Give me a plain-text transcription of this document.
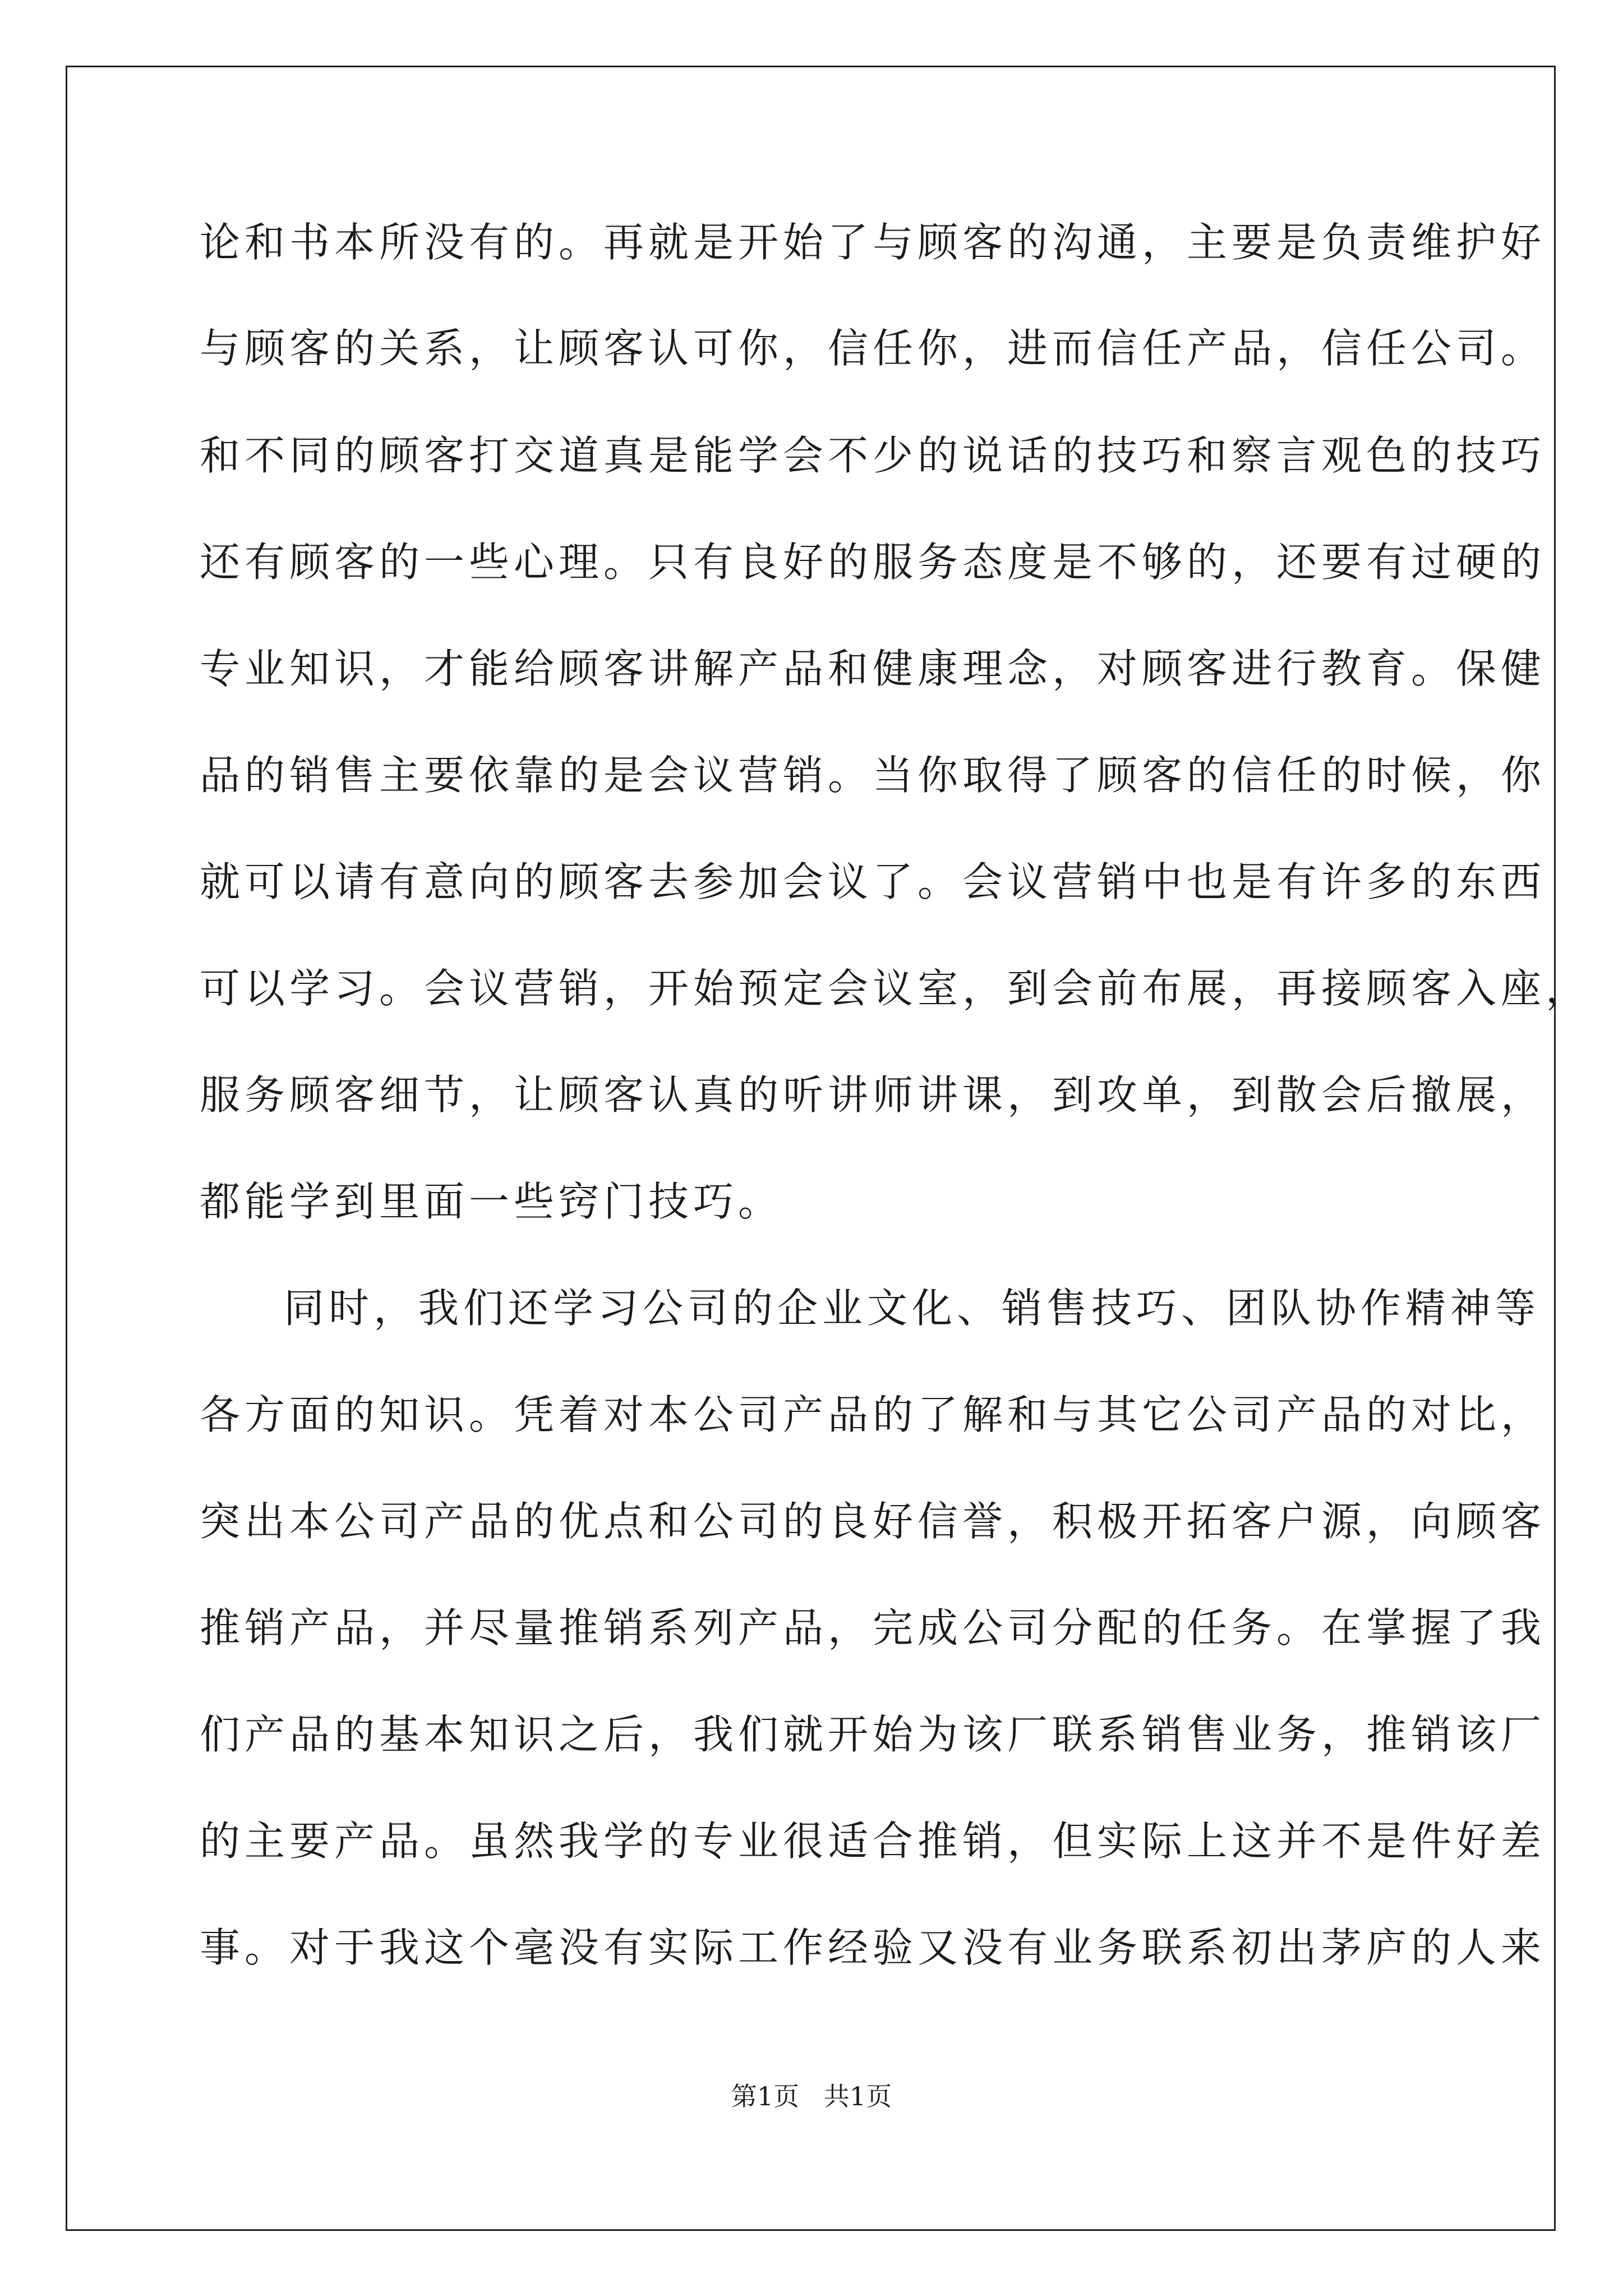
论和书本所没有的。再就是开始了与顾客的沟通，主要是负责维护好
与顾客的关系，让顾客认可你，信任你，进而信任产品，信任公司。
和不同的顾客打交道真是能学会不少的说话的技巧和察言观色的技巧
还有顾客的一些心理。只有良好的服务态度是不够的，还要有过硬的
专业知识，才能给顾客讲解产品和健康理念，对顾客进行教育。保健
品的销售主要依靠的是会议营销。当你取得了顾客的信任的时候，你
就可以请有意向的顾客去参加会议了。会议营销中也是有许多的东西
可以学习。会议营销，开始预定会议室，到会前布展，再接顾客入座，
服务顾客细节，让顾客认真的听讲师讲课，到攻单，到散会后撤展，
都能学到里面一些窍门技巧。
同时，我们还学习公司的企业文化、销售技巧、团队协作精神等
各方面的知识。凭着对本公司产品的了解和与其它公司产品的对比，
突出本公司产品的优点和公司的良好信誉，积极开拓客户源，向顾客
推销产品，并尽量推销系列产品，完成公司分配的任务。在掌握了我
们产品的基本知识之后，我们就开始为该厂联系销售业务，推销该厂
的主要产品。虽然我学的专业很适合推销，但实际上这并不是件好差
事。对于我这个毫没有实际工作经验又没有业务联系初出茅庐的人来
第1页   共1页
